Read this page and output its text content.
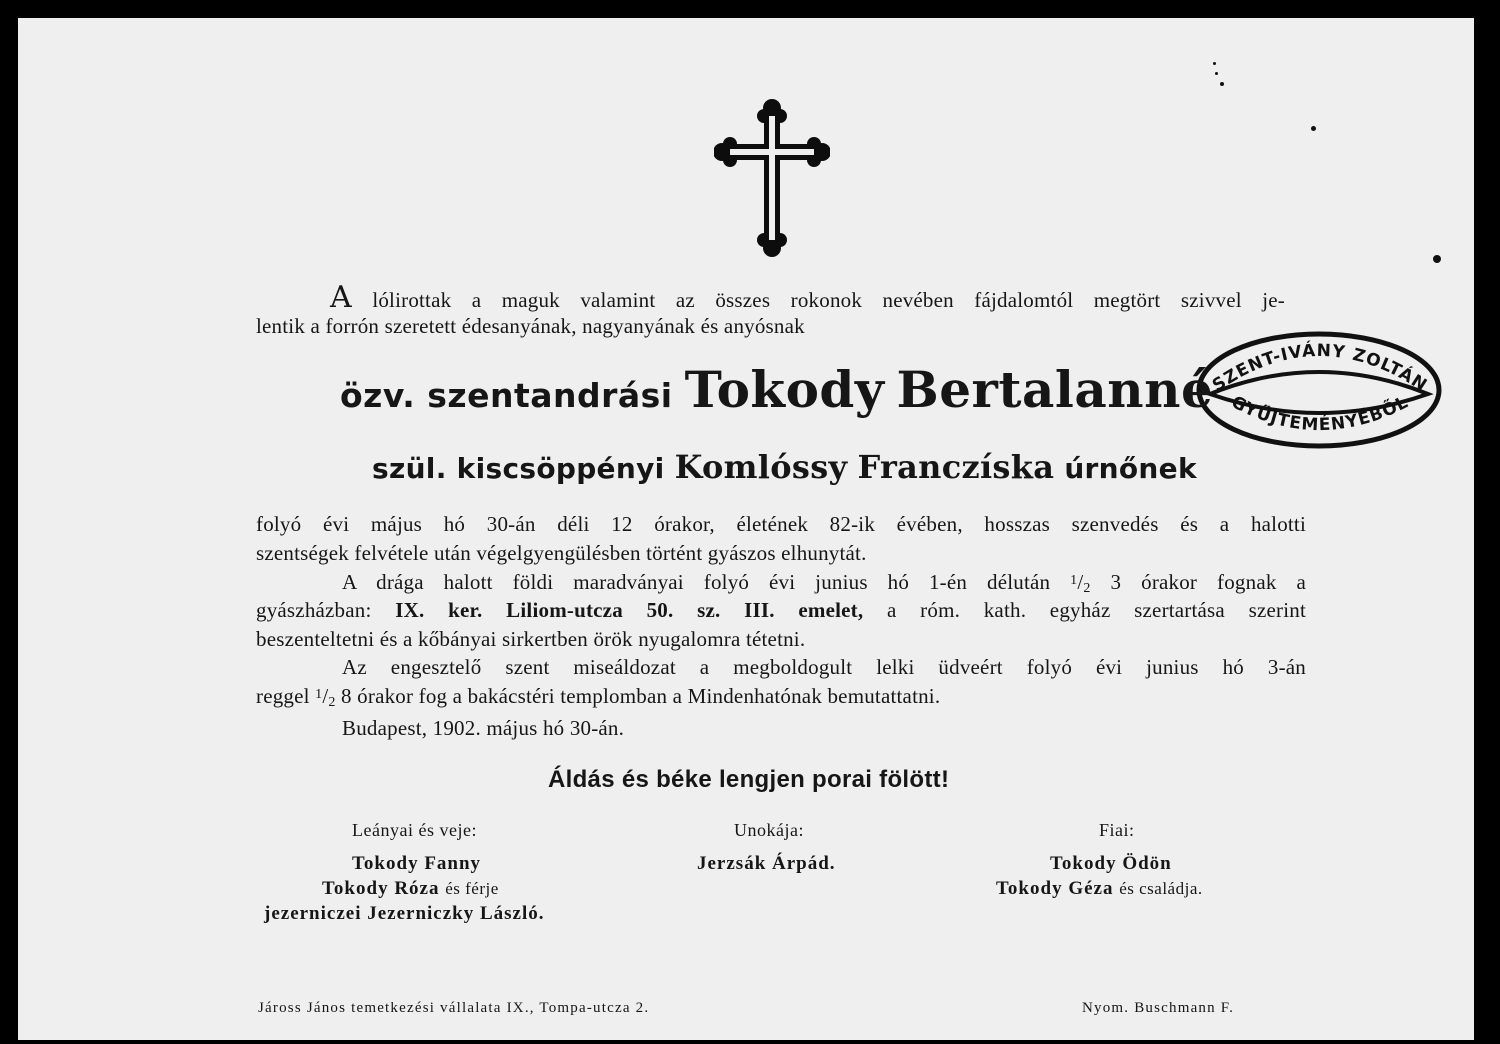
SZENT-IVÁNY ZOLTÁN
GYŰJTEMÉNYÉBŐL
A lólirottak a maguk valamint az összes rokonok nevében fájdalomtól megtört szivvel je-
lentik a forrón szeretett édesanyának, nagyanyának és anyósnak
özv. szentandrási Tokody Bertalanné
szül. kiscsöppényi Komlóssy Franczíska úrnőnek
folyó évi május hó 30-án déli 12 órakor, életének 82-ik évében, hosszas szenvedés és a halotti
szentségek felvétele után végelgyengülésben történt gyászos elhunytát.
A drága halott földi maradványai folyó évi junius hó 1-én délután $^1$/2 3 órakor fognak a
gyászházban: IX. ker. Liliom-utcza 50. sz. III. emelet, a róm. kath. egyház szertartása szerint
beszenteltetni és a kőbányai sirkertben örök nyugalomra tétetni.
Az engesztelő szent miseáldozat a megboldogult lelki üdveért folyó évi junius hó 3-án
reggel $^1$/2 8 órakor fog a bakácstéri templomban a Mindenhatónak bemutattatni.
Budapest, 1902. május hó 30-án.
Áldás és béke lengjen porai fölött!
Leányai és veje:
Tokody Fanny
Tokody Róza és férje
jezerniczei Jezerniczky László.
Unokája:
Jerzsák Árpád.
Fiai:
Tokody Ödön
Tokody Géza és családja.
Jáross János temetkezési vállalata IX., Tompa-utcza 2.	Nyom. Buschmann F.
